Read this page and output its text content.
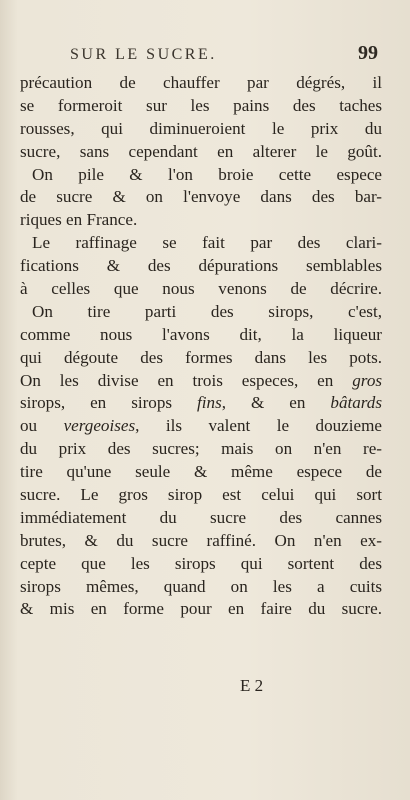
SUR LE SUCRE.	99
précaution de chauffer par dégrés, il
se formeroit sur les pains des taches
rousses, qui diminueroient le prix du
sucre, sans cependant en alterer le goût.
On pile & l'on broie cette espece
de sucre & on l'envoye dans des bar-
riques en France.
Le raffinage se fait par des clari-
fications & des dépurations semblables
à celles que nous venons de décrire.
On tire parti des sirops, c'est,
comme nous l'avons dit, la liqueur
qui dégoute des formes dans les pots.
On les divise en trois especes, en gros
sirops, en sirops fins, & en bâtards
ou vergeoises, ils valent le douzieme
du prix des sucres; mais on n'en re-
tire qu'une seule & même espece de
sucre. Le gros sirop est celui qui sort
immédiatement du sucre des cannes
brutes, & du sucre raffiné. On n'en ex-
cepte que les sirops qui sortent des
sirops mêmes, quand on les a cuits
& mis en forme pour en faire du sucre.
E 2
